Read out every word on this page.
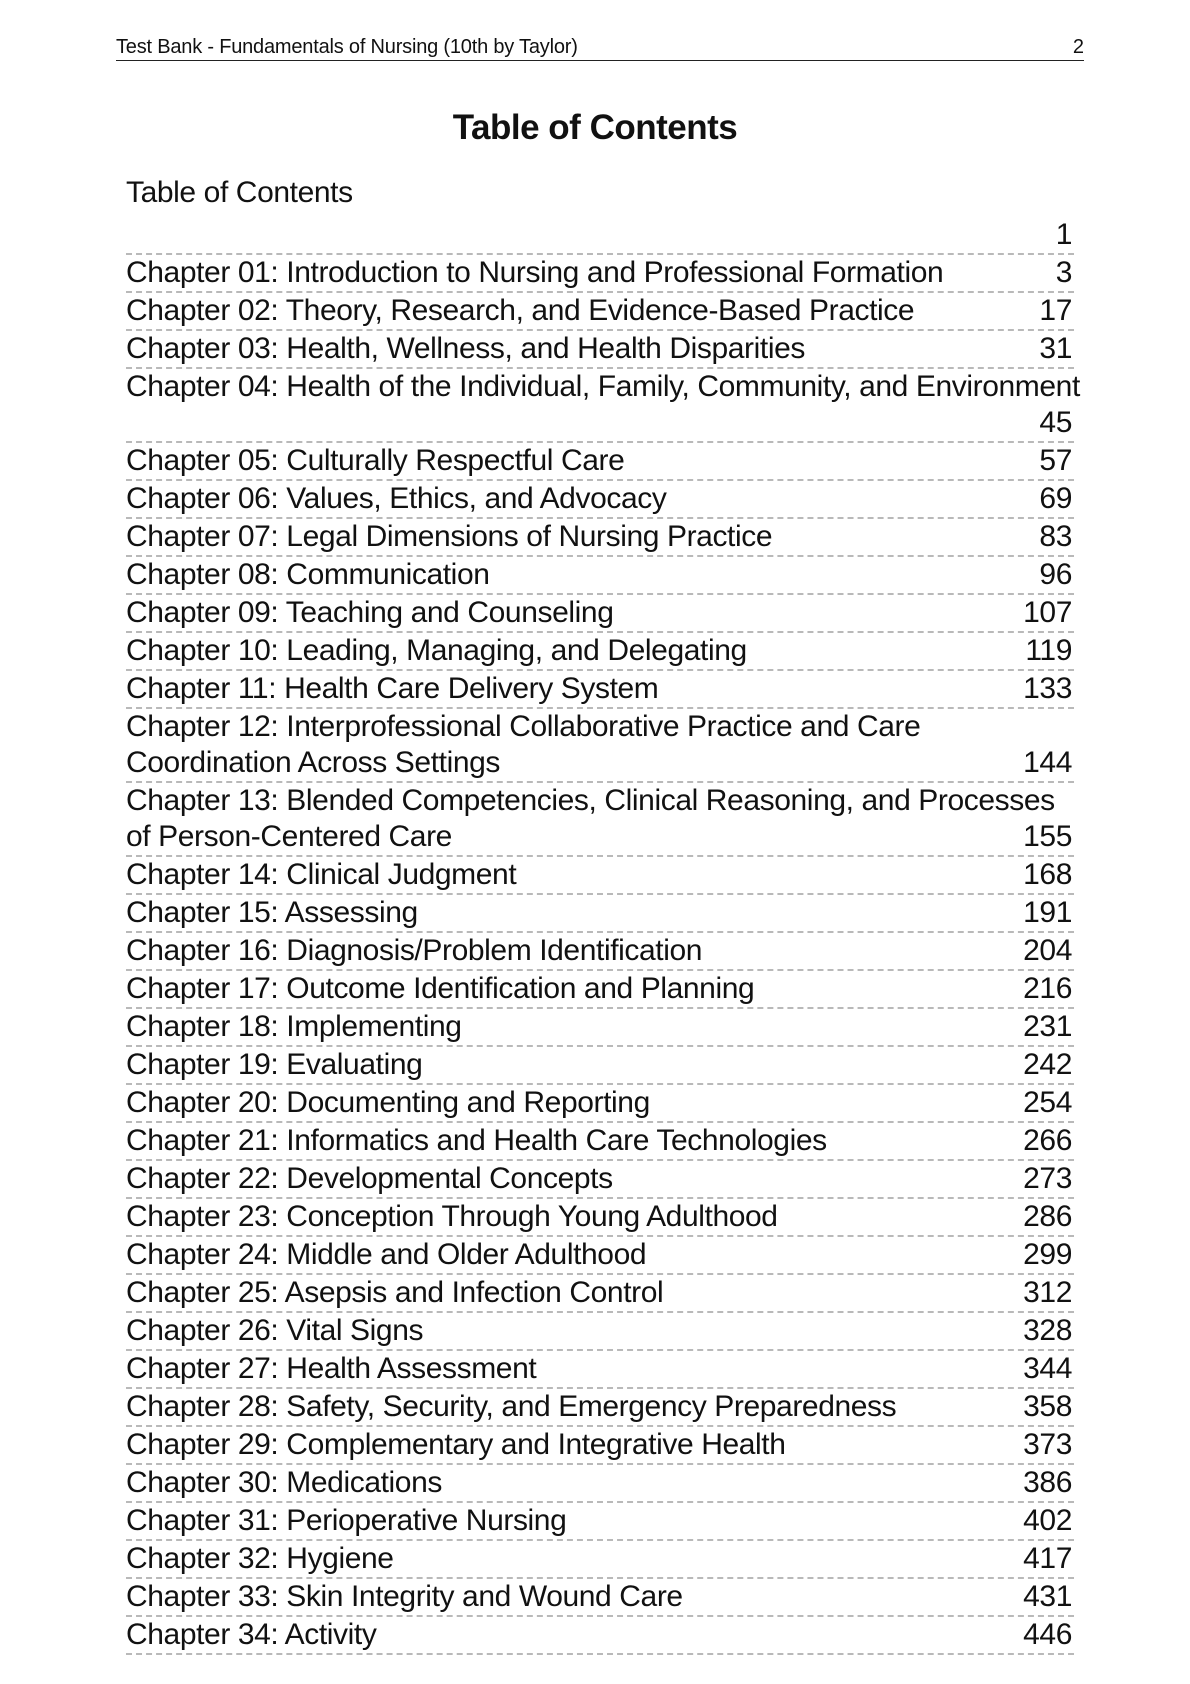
Test Bank - Fundamentals of Nursing (10th by Taylor)	2
Table of Contents
Table of Contents
1
Chapter 01: Introduction to Nursing and Professional Formation	3
Chapter 02: Theory, Research, and Evidence-Based Practice	17
Chapter 03: Health, Wellness, and Health Disparities	31
Chapter 04: Health of the Individual, Family, Community, and Environment
45
Chapter 05: Culturally Respectful Care	57
Chapter 06: Values, Ethics, and Advocacy	69
Chapter 07: Legal Dimensions of Nursing Practice	83
Chapter 08: Communication	96
Chapter 09: Teaching and Counseling	107
Chapter 10: Leading, Managing, and Delegating	119
Chapter 11: Health Care Delivery System	133
Chapter 12: Interprofessional Collaborative Practice and Care
Coordination Across Settings	144
Chapter 13: Blended Competencies, Clinical Reasoning, and Processes
of Person-Centered Care	155
Chapter 14: Clinical Judgment	168
Chapter 15: Assessing	191
Chapter 16: Diagnosis/Problem Identification	204
Chapter 17: Outcome Identification and Planning	216
Chapter 18: Implementing	231
Chapter 19: Evaluating	242
Chapter 20: Documenting and Reporting	254
Chapter 21: Informatics and Health Care Technologies	266
Chapter 22: Developmental Concepts	273
Chapter 23: Conception Through Young Adulthood	286
Chapter 24: Middle and Older Adulthood	299
Chapter 25: Asepsis and Infection Control	312
Chapter 26: Vital Signs	328
Chapter 27: Health Assessment	344
Chapter 28: Safety, Security, and Emergency Preparedness	358
Chapter 29: Complementary and Integrative Health	373
Chapter 30: Medications	386
Chapter 31: Perioperative Nursing	402
Chapter 32: Hygiene	417
Chapter 33: Skin Integrity and Wound Care	431
Chapter 34: Activity	446
